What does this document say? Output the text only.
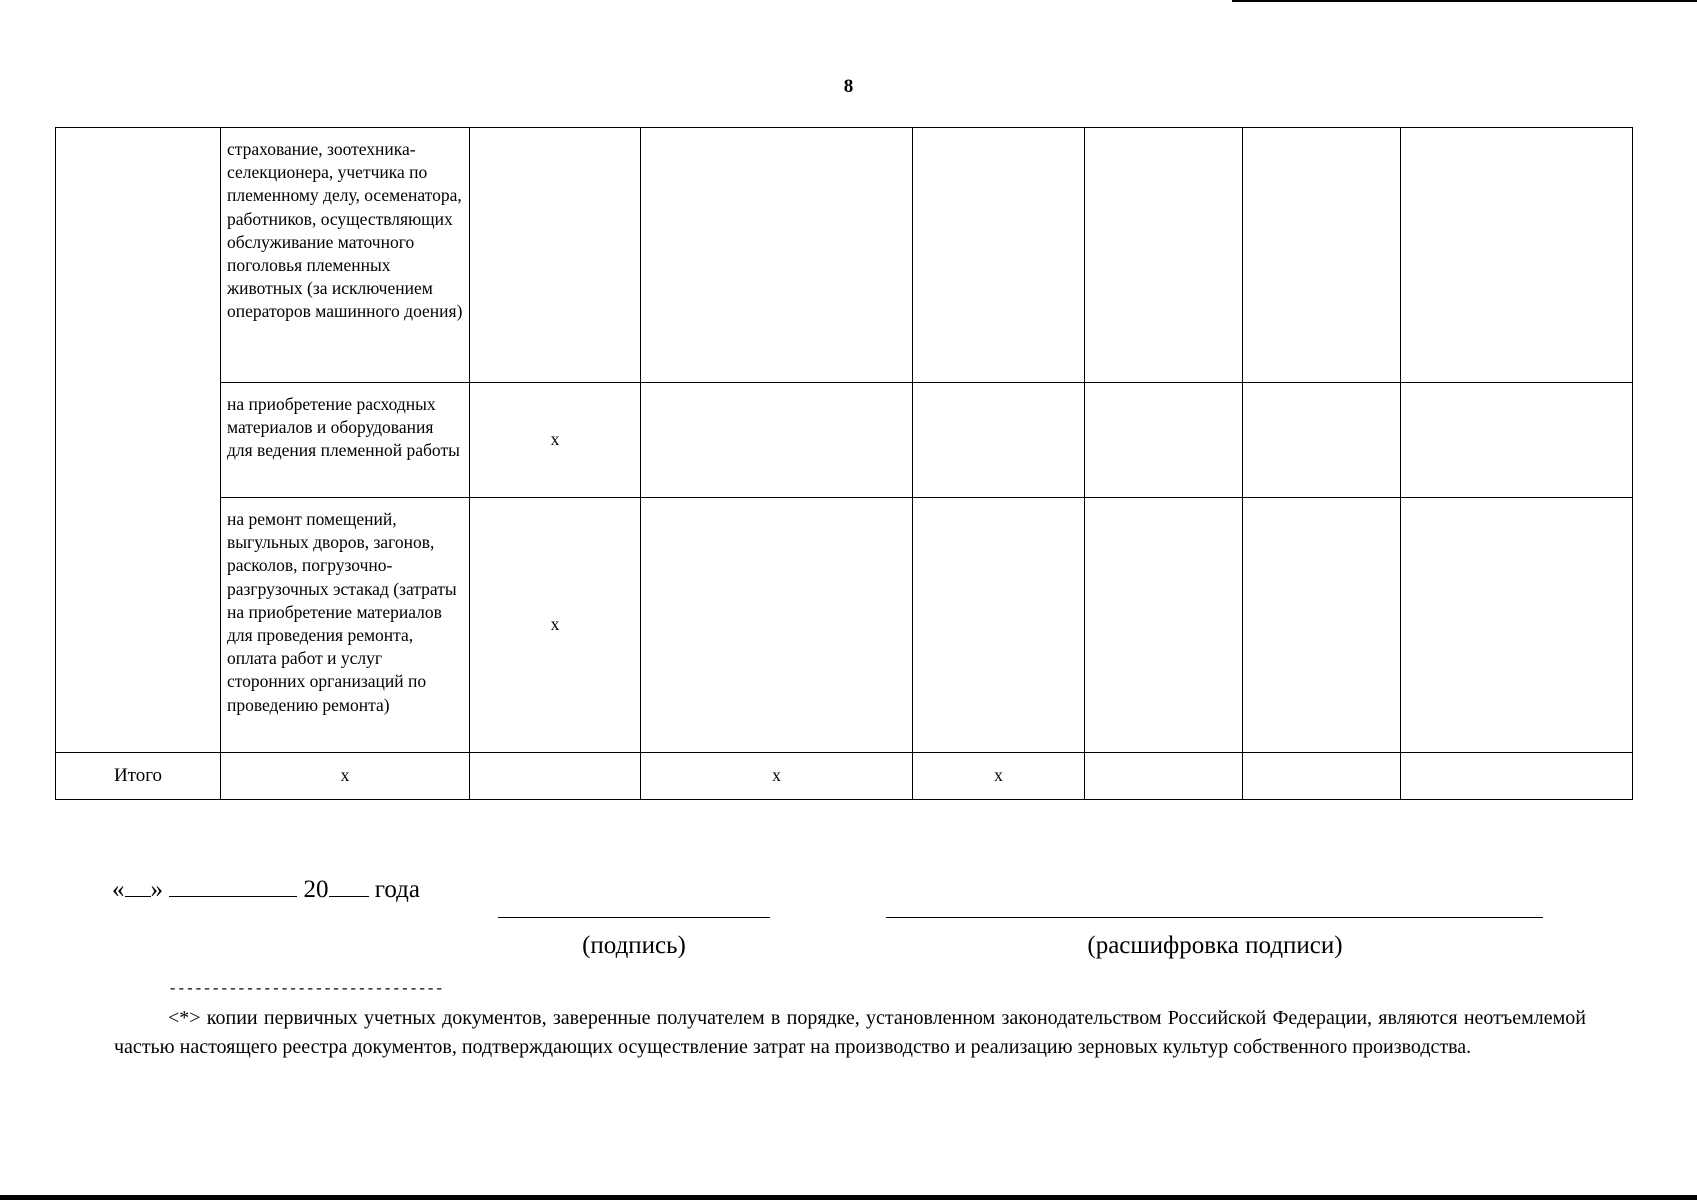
8
	страхование, зоотехника-селекционера, учетчика по племенному делу, осеменатора, работников, осуществляющих обслуживание маточного поголовья племенных животных (за исключением операторов машинного доения)						
	на приобретение расходных материалов и оборудования для ведения племенной работы	x					
	на ремонт помещений, выгульных дворов, загонов, расколов, погрузочно-разгрузочных эстакад (затраты на приобретение материалов для проведения ремонта, оплата работ и услуг сторонних организаций по проведению ремонта)	x					
Итого	x		x	x			
« »	20 года
(подпись)	(расшифровка подписи)
--------------------------------
<*> копии первичных учетных документов, заверенные получателем в порядке, установленном законодательством Российской Федерации, являются неотъемлемой частью настоящего реестра документов, подтверждающих осуществление затрат на производство и реализацию зерновых культур собственного производства.
